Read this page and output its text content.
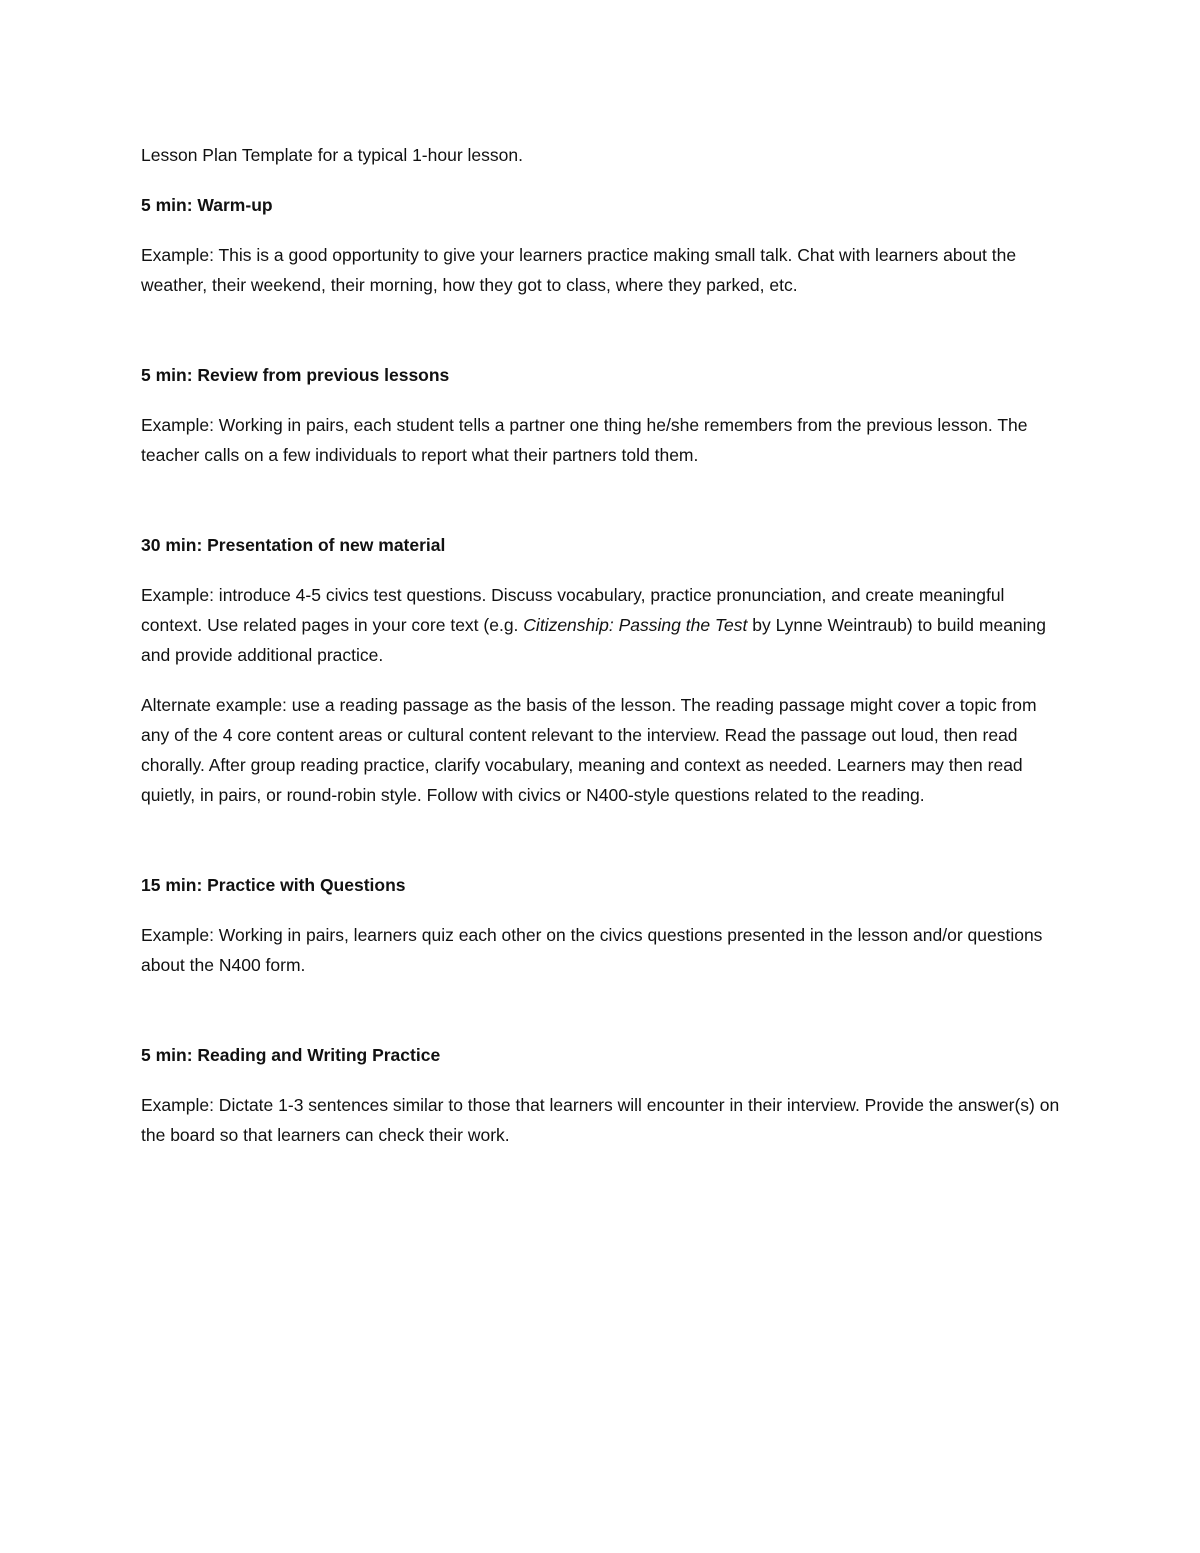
Lesson Plan Template for a typical 1-hour lesson.

5 min: Warm-up

Example: This is a good opportunity to give your learners practice making small talk. Chat with learners about the weather, their weekend, their morning, how they got to class, where they parked, etc.

5 min: Review from previous lessons

Example: Working in pairs, each student tells a partner one thing he/she remembers from the previous lesson. The teacher calls on a few individuals to report what their partners told them.

30 min: Presentation of new material

Example: introduce 4-5 civics test questions. Discuss vocabulary, practice pronunciation, and create meaningful context. Use related pages in your core text (e.g. Citizenship: Passing the Test by Lynne Weintraub) to build meaning and provide additional practice.

Alternate example: use a reading passage as the basis of the lesson. The reading passage might cover a topic from any of the 4 core content areas or cultural content relevant to the interview. Read the passage out loud, then read chorally. After group reading practice, clarify vocabulary, meaning and context as needed. Learners may then read quietly, in pairs, or round-robin style. Follow with civics or N400-style questions related to the reading.

15 min: Practice with Questions

Example: Working in pairs, learners quiz each other on the civics questions presented in the lesson and/or questions about the N400 form.

5 min: Reading and Writing Practice

Example: Dictate 1-3 sentences similar to those that learners will encounter in their interview. Provide the answer(s) on the board so that learners can check their work.
